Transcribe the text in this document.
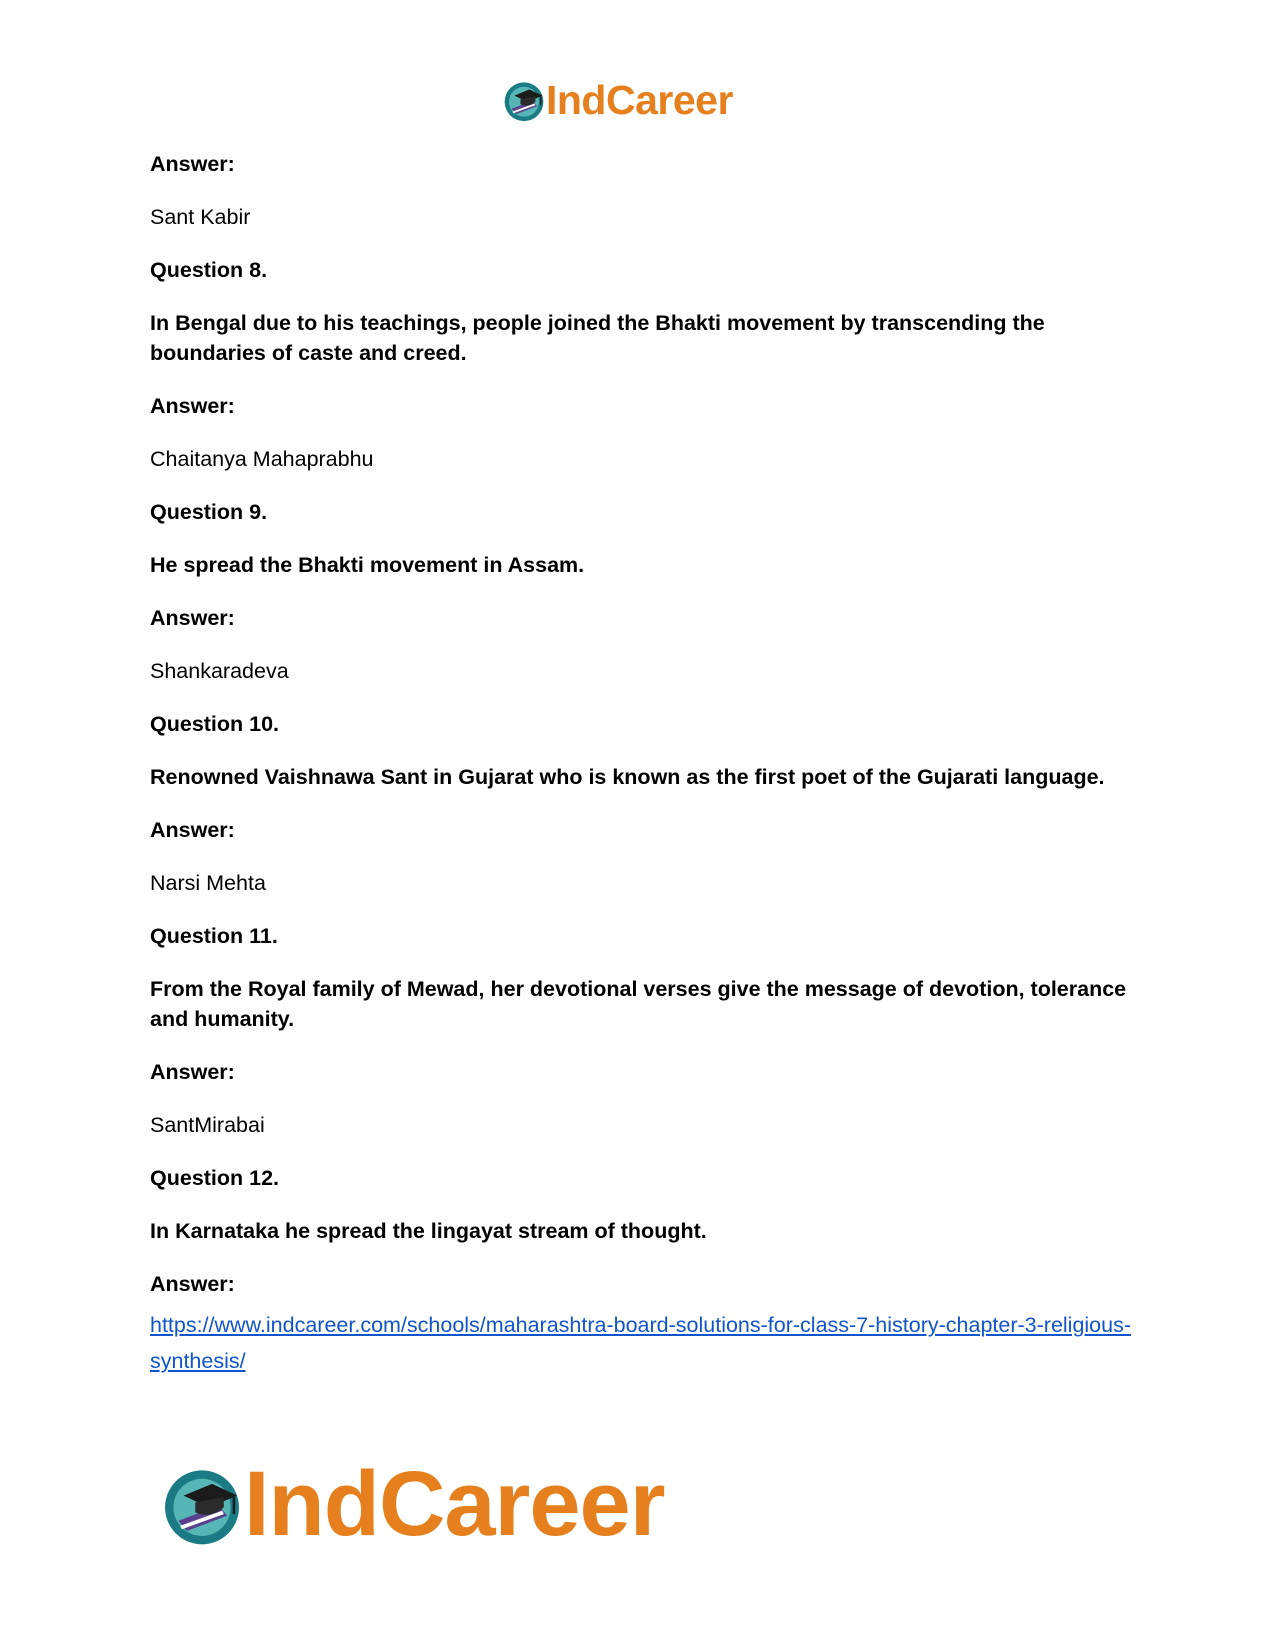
IndCareer

Answer:

Sant Kabir

Question 8.

In Bengal due to his teachings, people joined the Bhakti movement by transcending the boundaries of caste and creed.

Answer:

Chaitanya Mahaprabhu

Question 9.

He spread the Bhakti movement in Assam.

Answer:

Shankaradeva

Question 10.

Renowned Vaishnawa Sant in Gujarat who is known as the first poet of the Gujarati language.

Answer:

Narsi Mehta

Question 11.

From the Royal family of Mewad, her devotional verses give the message of devotion, tolerance and humanity.

Answer:

SantMirabai

Question 12.

In Karnataka he spread the lingayat stream of thought.

Answer:

https://www.indcareer.com/schools/maharashtra-board-solutions-for-class-7-history-chapter-3-religious-synthesis/
IndCareer
